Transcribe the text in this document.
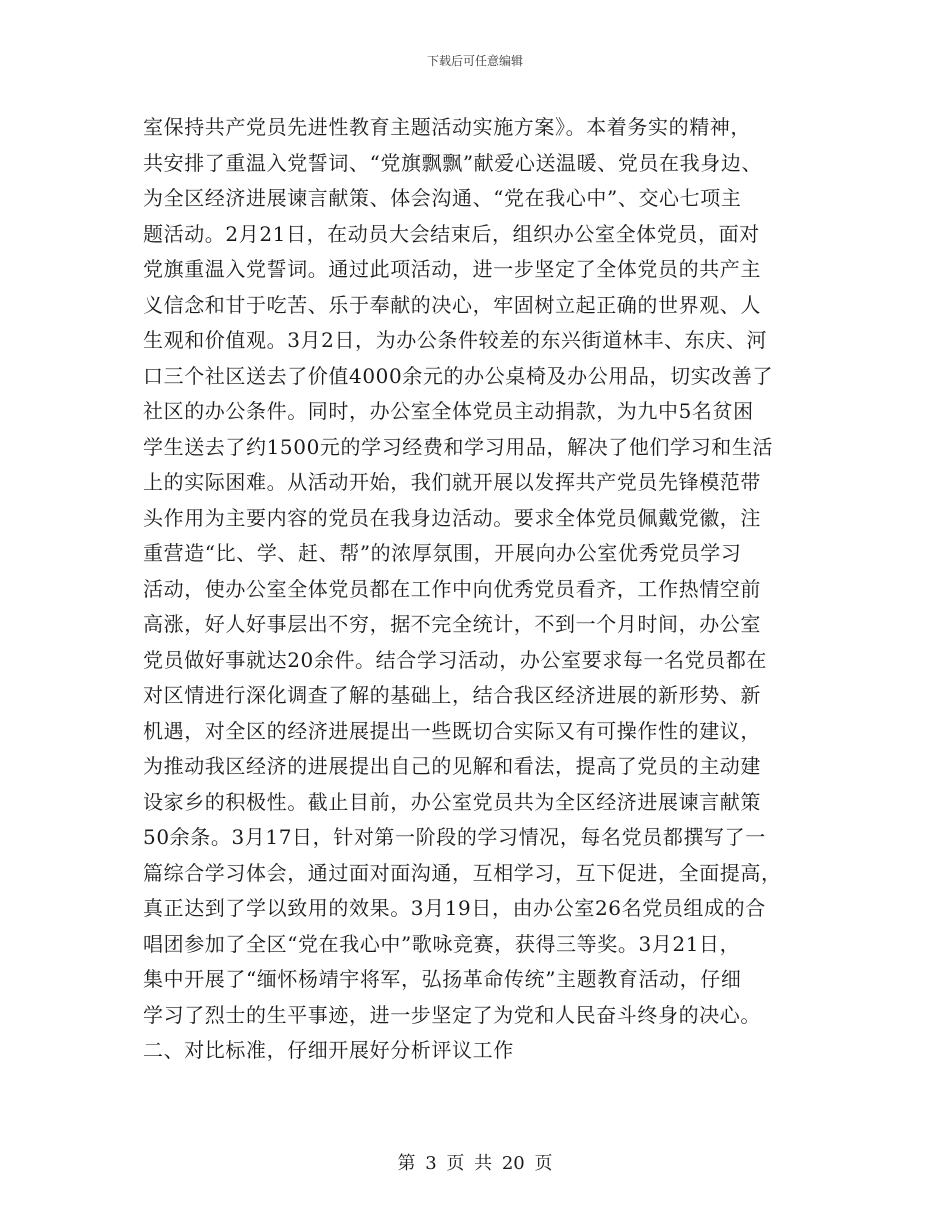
下载后可任意编辑
室保持共产党员先进性教育主题活动实施方案》。本着务实的精神，
共安排了重温入党誓词、“党旗飘飘”献爱心送温暖、党员在我身边、
为全区经济进展谏言献策、体会沟通、“党在我心中”、交心七项主
题活动。2月21日，在动员大会结束后，组织办公室全体党员，面对
党旗重温入党誓词。通过此项活动，进一步坚定了全体党员的共产主
义信念和甘于吃苦、乐于奉献的决心，牢固树立起正确的世界观、人
生观和价值观。3月2日，为办公条件较差的东兴街道林丰、东庆、河
口三个社区送去了价值4000余元的办公桌椅及办公用品，切实改善了
社区的办公条件。同时，办公室全体党员主动捐款，为九中5名贫困
学生送去了约1500元的学习经费和学习用品，解决了他们学习和生活
上的实际困难。从活动开始，我们就开展以发挥共产党员先锋模范带
头作用为主要内容的党员在我身边活动。要求全体党员佩戴党徽，注
重营造“比、学、赶、帮”的浓厚氛围，开展向办公室优秀党员学习
活动，使办公室全体党员都在工作中向优秀党员看齐，工作热情空前
高涨，好人好事层出不穷，据不完全统计，不到一个月时间，办公室
党员做好事就达20余件。结合学习活动，办公室要求每一名党员都在
对区情进行深化调查了解的基础上，结合我区经济进展的新形势、新
机遇，对全区的经济进展提出一些既切合实际又有可操作性的建议，
为推动我区经济的进展提出自己的见解和看法，提高了党员的主动建
设家乡的积极性。截止目前，办公室党员共为全区经济进展谏言献策
50余条。3月17日，针对第一阶段的学习情况，每名党员都撰写了一
篇综合学习体会，通过面对面沟通，互相学习，互下促进，全面提高，
真正达到了学以致用的效果。3月19日，由办公室26名党员组成的合
唱团参加了全区“党在我心中”歌咏竞赛，获得三等奖。3月21日，
集中开展了“缅怀杨靖宇将军，弘扬革命传统”主题教育活动，仔细
学习了烈士的生平事迹，进一步坚定了为党和人民奋斗终身的决心。
二、对比标准，仔细开展好分析评议工作
第 3 页 共 20 页
